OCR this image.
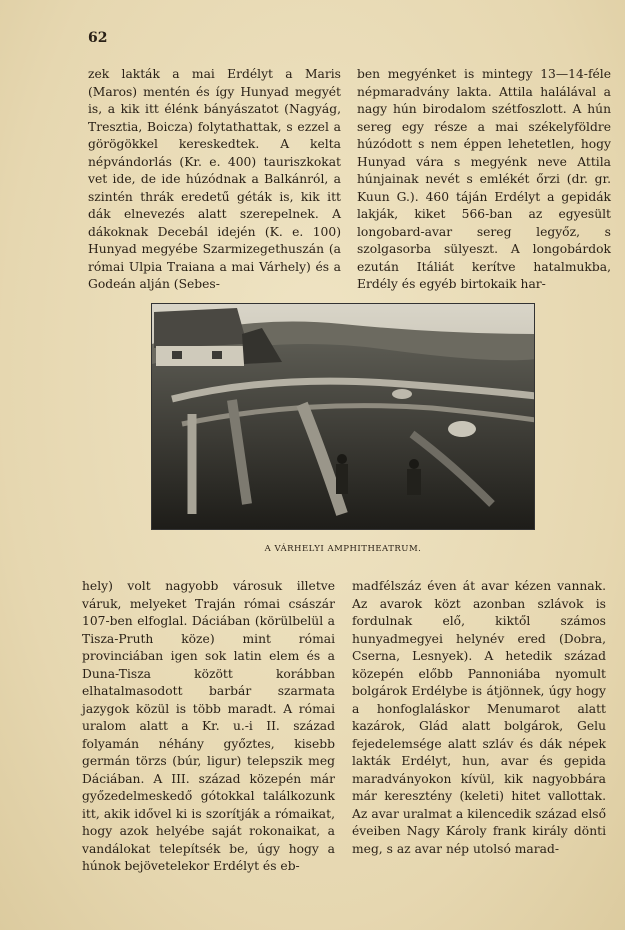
62

zek lakták a mai Erdélyt a Maris (Maros) mentén és így Hunyad megyét is, a kik itt élénk bányászatot (Nagyág, Tresztia, Boicza) folytathattak, s ezzel a görögökkel kereskedtek. A kelta népvándorlás (Kr. e. 400) tauriszkokat vet ide, de ide húzódnak a Balkánról, a szintén thrák eredetű géták is, kik itt dák elnevezés alatt szerepelnek. A dákoknak Decebál idején (K. e. 100) Hunyad megyébe Szarmizegethuszán (a római Ulpia Traiana a mai Várhely) és a Godeán alján (Sebes-

ben megyénket is mintegy 13—14-féle népmaradvány lakta. Attila halálával a nagy hún birodalom szétfoszlott. A hún sereg egy része a mai székelyföldre húzódott s nem éppen lehetetlen, hogy Hunyad vára s megyénk neve Attila húnjainak nevét s emlékét őrzi (dr. gr. Kuun G.). 460 táján Erdélyt a gepidák lakják, kiket 566-ban az egyesült longobard-avar sereg legyőz, s szolgasorba sülyeszt. A longobárdok ezután Itáliát kerítve hatalmukba, Erdély és egyéb birtokaik har-

A VÁRHELYI AMPHITHEATRUM.

hely) volt nagyobb városuk illetve váruk, melyeket Traján római császár 107-ben elfoglal. Dáciában (körülbelül a Tisza-Pruth köze) mint római provinciában igen sok latin elem és a Duna-Tisza között korábban elhatalmasodott barbár szarmata jazygok közül is több maradt. A római uralom alatt a Kr. u.-i II. század folyamán néhány győztes, kisebb germán törzs (búr, ligur) telepszik meg Dáciában. A III. század közepén már győzedelmeskedő gótokkal találkozunk itt, akik idővel ki is szorítják a rómaikat, hogy azok helyébe saját rokonaikat, a vandálokat telepítsék be, úgy hogy a húnok bejövetelekor Erdélyt és eb-

madfélszáz éven át avar kézen vannak. Az avarok közt azonban szlávok is fordulnak elő, kiktől számos hunyadmegyei helynév ered (Dobra, Cserna, Lesnyek). A hetedik század közepén előbb Pannoniába nyomult bolgárok Erdélybe is átjönnek, úgy hogy a honfoglaláskor Menumarot alatt kazárok, Glád alatt bolgárok, Gelu fejedelemsége alatt szláv és dák népek lakták Erdélyt, hun, avar és gepida maradványokon kívül, kik nagyobbára már keresztény (keleti) hitet vallottak. Az avar uralmat a kilencedik század első éveiben Nagy Károly frank király dönti meg, s az avar nép utolsó marad-
